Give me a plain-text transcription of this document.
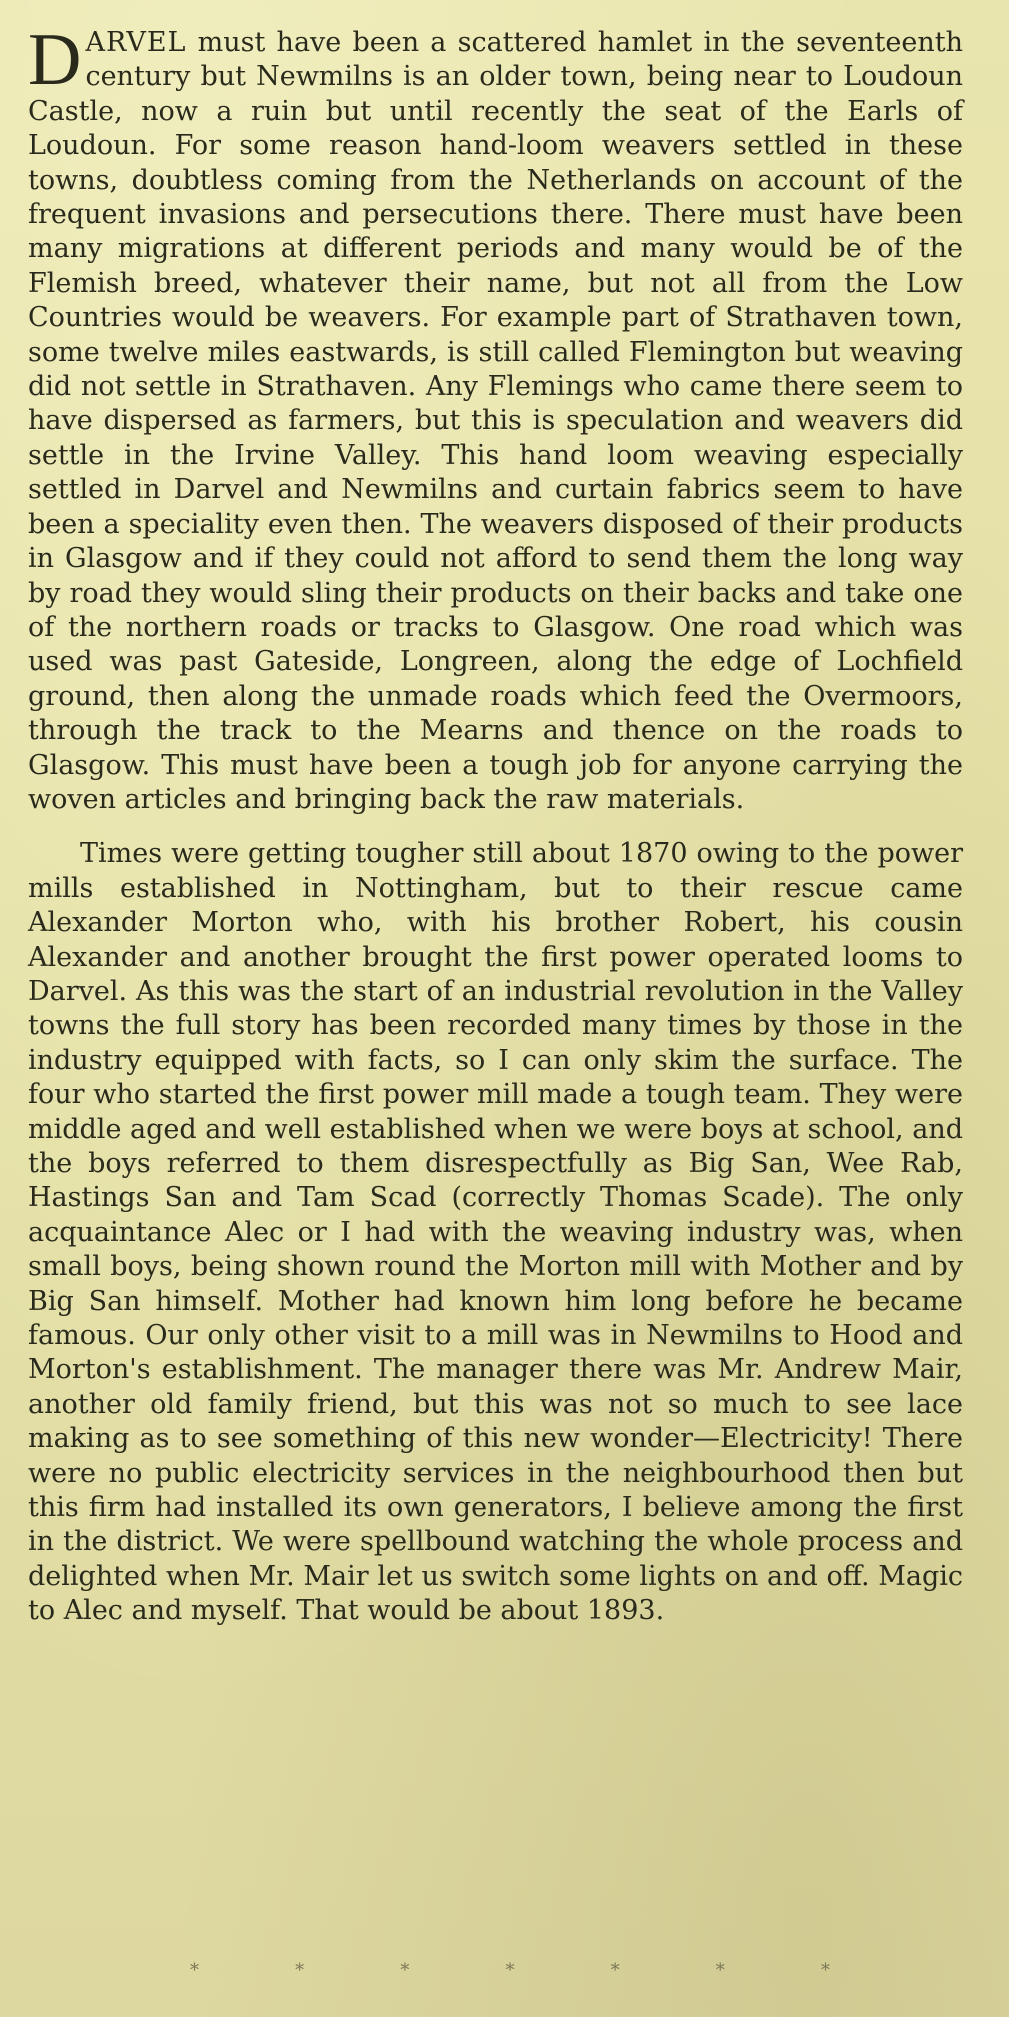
DARVEL must have been a scattered hamlet in the seventeenth century but Newmilns is an older town, being near to Loudoun Castle, now a ruin but until recently the seat of the Earls of Loudoun. For some reason hand-loom weavers settled in these towns, doubtless coming from the Netherlands on account of the frequent invasions and persecutions there. There must have been many migrations at different periods and many would be of the Flemish breed, whatever their name, but not all from the Low Countries would be weavers. For example part of Strathaven town, some twelve miles eastwards, is still called Flemington but weaving did not settle in Strathaven. Any Flemings who came there seem to have dispersed as farmers, but this is speculation and weavers did settle in the Irvine Valley. This hand loom weaving especially settled in Darvel and Newmilns and curtain fabrics seem to have been a speciality even then. The weavers disposed of their products in Glasgow and if they could not afford to send them the long way by road they would sling their products on their backs and take one of the northern roads or tracks to Glasgow. One road which was used was past Gateside, Longreen, along the edge of Lochfield ground, then along the unmade roads which feed the Overmoors, through the track to the Mearns and thence on the roads to Glasgow. This must have been a tough job for anyone carrying the woven articles and bringing back the raw materials.

Times were getting tougher still about 1870 owing to the power mills established in Nottingham, but to their rescue came Alexander Morton who, with his brother Robert, his cousin Alexander and another brought the first power operated looms to Darvel. As this was the start of an industrial revolution in the Valley towns the full story has been recorded many times by those in the industry equipped with facts, so I can only skim the surface. The four who started the first power mill made a tough team. They were middle aged and well established when we were boys at school, and the boys referred to them disrespectfully as Big San, Wee Rab, Hastings San and Tam Scad (correctly Thomas Scade). The only acquaintance Alec or I had with the weaving industry was, when small boys, being shown round the Morton mill with Mother and by Big San himself. Mother had known him long before he became famous. Our only other visit to a mill was in Newmilns to Hood and Morton's establishment. The manager there was Mr. Andrew Mair, another old family friend, but this was not so much to see lace making as to see something of this new wonder—Electricity! There were no public electricity services in the neighbourhood then but this firm had installed its own generators, I believe among the first in the district. We were spellbound watching the whole process and delighted when Mr. Mair let us switch some lights on and off. Magic to Alec and myself. That would be about 1893.

*	*	*	*	*	*	*
